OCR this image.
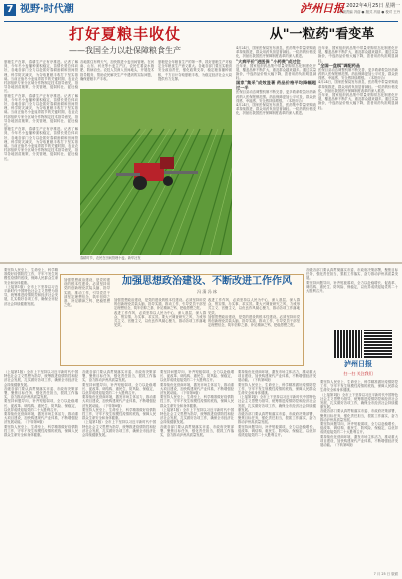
7 视野·时代潮	泸州日报 2022年4月25日 星期一
本版责编 冯蓓 ● 版式 冯蓓 ● 校对 王丹
打好夏粮丰收仗
——我国全力以赴保障粮食生产
夏粮生产在即，春耕生产正有序推进。记者了解到，今年冬小麦播种面积稳定，苗情长势总体向好，各地各部门全力以赴抓好春耕备耕和田间管理，科学防灾减灾，为夺取夏粮丰收打下坚实基础。当前正值冬小麦返青拔节的关键时期，农业农村部组织专家分区域分作物制定技术指导意见，指导各地因苗施策、分类管理，促弱转壮、促壮稳长。
夏粮生产在即，春耕生产正有序推进。记者了解到，今年冬小麦播种面积稳定，苗情长势总体向好，各地各部门全力以赴抓好春耕备耕和田间管理，科学防灾减灾，为夺取夏粮丰收打下坚实基础。当前正值冬小麦返青拔节的关键时期，农业农村部组织专家分区域分作物制定技术指导意见，指导各地因苗施策、分类管理，促弱转壮、促壮稳长。
夏粮生产在即，春耕生产正有序推进。记者了解到，今年冬小麦播种面积稳定，苗情长势总体向好，各地各部门全力以赴抓好春耕备耕和田间管理，科学防灾减灾，为夺取夏粮丰收打下坚实基础。当前正值冬小麦返青拔节的关键时期，农业农村部组织专家分区域分作物制定技术指导意见，指导各地因苗施策、分类管理，促弱转壮、促壮稳长。
各地抓住有利天气，加快推进小麦田间管理。在河南、山东、河北等小麦主产区，农民忙着浇水施肥、防病治虫。农技人员深入田间地头，开展技术指导服务，帮助农民解决生产中遇到的实际问题，确保夏粮丰产丰收。
夏粮是全年粮食生产的第一季，抓好夏粮生产对稳定全年粮食生产意义重大。各地各部门要压实粮食安全政治责任，强化政策支持，稳定粮食播种面积，千方百计夺取夏粮丰收，为稳定经济社会大局提供有力支撑。
春耕时节，农民在田间管理小麦。新华社发
从"一粒药"看变革
4月24日，国家医保局发布消息，医药集中带量采购改革持续推进，群众用药负担显著减轻。一粒药的价格变化，折射出我国医疗保障制度改革的深入推进。
"大病平价"进医保 "小药贵"成过往
近年来，国家组织药品集中带量采购常态化制度化开展，覆盖品种不断扩大，惠及群众越来越多。通过以量换价，中选药品价格大幅下降，患者用药负担明显减轻。
国家"集采"成效显著 药品价格平均降幅超过一半
医保目录动态调整机制不断完善，更多救命救急好药新药纳入医保报销范围。药品保障更加公平可及，群众获得感、幸福感、安全感持续增强。（本报综合）
4月24日，国家医保局发布消息，医药集中带量采购改革持续推进，群众用药负担显著减轻。一粒药的价格变化，折射出我国医疗保障制度改革的深入推进。
近年来，国家组织药品集中带量采购常态化制度化开展，覆盖品种不断扩大，惠及群众越来越多。通过以量换价，中选药品价格大幅下降，患者用药负担明显减轻。
"全国一盘棋"调配药品
医保目录动态调整机制不断完善，更多救命救急好药新药纳入医保报销范围。药品保障更加公平可及，群众获得感、幸福感、安全感持续增强。（本报综合）
4月24日，国家医保局发布消息，医药集中带量采购改革持续推进，群众用药负担显著减轻。一粒药的价格变化，折射出我国医疗保障制度改革的深入推进。
近年来，国家组织药品集中带量采购常态化制度化开展，覆盖品种不断扩大，惠及群众越来越多。通过以量换价，中选药品价格大幅下降，患者用药负担明显减轻。
加强思想政治建设、不断改进工作作风
冯 清 冯 冰
加强思想政治建设，是党的建设的根本性建设。必须坚持用党的创新理论武装头脑、指导实践、推动工作，引导党员干部坚定理想信念，筑牢信仰之基、补足精神之钙、把稳思想之舵。
加强思想政治建设，是党的建设的根本性建设。必须坚持用党的创新理论武装头脑、指导实践、推动工作，引导党员干部坚定理想信念，筑牢信仰之基、补足精神之钙、把稳思想之舵。
改进工作作风，必须坚持以人民为中心，深入基层、深入群众，察实情、办实事、求实效。要大兴调查研究之风，力戒形式主义、官僚主义，以优良作风凝心聚力，推动各项工作落地见效。
改进工作作风，必须坚持以人民为中心，深入基层、深入群众，察实情、办实事、求实效。要大兴调查研究之风，力戒形式主义、官僚主义，以优良作风凝心聚力，推动各项工作落地见效。
加强思想政治建设，是党的建设的根本性建设。必须坚持用党的创新理论武装头脑、指导实践、推动工作，引导党员干部坚定理想信念，筑牢信仰之基、补足精神之钙、把稳思想之舵。
要坚持人民至上、生命至上，科学精准做好疫情防控工作，守牢不发生规模性疫情的底线，保障人民群众生命安全和身体健康。
（上接第1版）全市上下坚持以习近平新时代中国特色社会主义思想为指导，统筹推进疫情防控和经济社会发展，扎实做好各项工作，确保全市经济社会持续健康发展。
各级各部门要认真贯彻落实市委、市政府决策部署，聚焦目标任务，强化责任担当，狠抓工作落实，奋力推动泸州高质量发展。
要坚持问题导向，补齐短板弱项，全力以赴稳增长、促改革、调结构、惠民生、防风险、保稳定，以优异成绩迎接党的二十大胜利召开。
泸州日报
扫一扫 关注我们
（上接第1版）全市上下坚持以习近平新时代中国特色社会主义思想为指导，统筹推进疫情防控和经济社会发展，扎实做好各项工作，确保全市经济社会持续健康发展。
各级各部门要认真贯彻落实市委、市政府决策部署，聚焦目标任务，强化责任担当，狠抓工作落实，奋力推动泸州高质量发展。
要坚持问题导向，补齐短板弱项，全力以赴稳增长、促改革、调结构、惠民生、防风险、保稳定，以优异成绩迎接党的二十大胜利召开。
要持续优化营商环境，激发市场主体活力，推动重大项目建设，加快构建现代产业体系，不断增强经济发展动能。（下转第8版）
要坚持人民至上、生命至上，科学精准做好疫情防控工作，守牢不发生规模性疫情的底线，保障人民群众生命安全和身体健康。
各级各部门要认真贯彻落实市委、市政府决策部署，聚焦目标任务，强化责任担当，狠抓工作落实，奋力推动泸州高质量发展。
要坚持问题导向，补齐短板弱项，全力以赴稳增长、促改革、调结构、惠民生、防风险、保稳定，以优异成绩迎接党的二十大胜利召开。
要持续优化营商环境，激发市场主体活力，推动重大项目建设，加快构建现代产业体系，不断增强经济发展动能。（下转第8版）
要坚持人民至上、生命至上，科学精准做好疫情防控工作，守牢不发生规模性疫情的底线，保障人民群众生命安全和身体健康。
（上接第1版）全市上下坚持以习近平新时代中国特色社会主义思想为指导，统筹推进疫情防控和经济社会发展，扎实做好各项工作，确保全市经济社会持续健康发展。
要坚持问题导向，补齐短板弱项，全力以赴稳增长、促改革、调结构、惠民生、防风险、保稳定，以优异成绩迎接党的二十大胜利召开。
要持续优化营商环境，激发市场主体活力，推动重大项目建设，加快构建现代产业体系，不断增强经济发展动能。（下转第8版）
要坚持人民至上、生命至上，科学精准做好疫情防控工作，守牢不发生规模性疫情的底线，保障人民群众生命安全和身体健康。
（上接第1版）全市上下坚持以习近平新时代中国特色社会主义思想为指导，统筹推进疫情防控和经济社会发展，扎实做好各项工作，确保全市经济社会持续健康发展。
各级各部门要认真贯彻落实市委、市政府决策部署，聚焦目标任务，强化责任担当，狠抓工作落实，奋力推动泸州高质量发展。
要持续优化营商环境，激发市场主体活力，推动重大项目建设，加快构建现代产业体系，不断增强经济发展动能。（下转第8版）
要坚持人民至上、生命至上，科学精准做好疫情防控工作，守牢不发生规模性疫情的底线，保障人民群众生命安全和身体健康。
（上接第1版）全市上下坚持以习近平新时代中国特色社会主义思想为指导，统筹推进疫情防控和经济社会发展，扎实做好各项工作，确保全市经济社会持续健康发展。
各级各部门要认真贯彻落实市委、市政府决策部署，聚焦目标任务，强化责任担当，狠抓工作落实，奋力推动泸州高质量发展。
要坚持问题导向，补齐短板弱项，全力以赴稳增长、促改革、调结构、惠民生、防风险、保稳定，以优异成绩迎接党的二十大胜利召开。
要坚持人民至上、生命至上，科学精准做好疫情防控工作，守牢不发生规模性疫情的底线，保障人民群众生命安全和身体健康。
（上接第1版）全市上下坚持以习近平新时代中国特色社会主义思想为指导，统筹推进疫情防控和经济社会发展，扎实做好各项工作，确保全市经济社会持续健康发展。
各级各部门要认真贯彻落实市委、市政府决策部署，聚焦目标任务，强化责任担当，狠抓工作落实，奋力推动泸州高质量发展。
要坚持问题导向，补齐短板弱项，全力以赴稳增长、促改革、调结构、惠民生、防风险、保稳定，以优异成绩迎接党的二十大胜利召开。
要持续优化营商环境，激发市场主体活力，推动重大项目建设，加快构建现代产业体系，不断增强经济发展动能。（下转第8版）
7 月 25 日 版面
